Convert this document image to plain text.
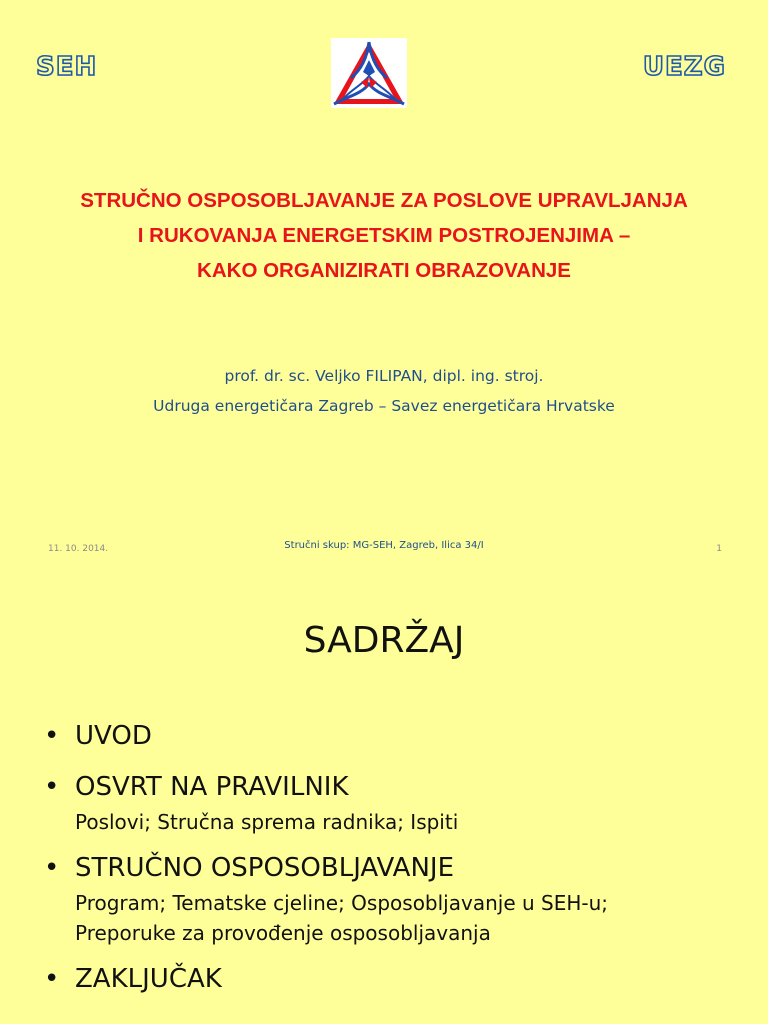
SEH	UEZG
STRUČNO OSPOSOBLJAVANJE ZA POSLOVE UPRAVLJANJA
I RUKOVANJA ENERGETSKIM POSTROJENJIMA –
KAKO ORGANIZIRATI OBRAZOVANJE
prof. dr. sc. Veljko FILIPAN, dipl. ing. stroj.
Udruga energetičara Zagreb – Savez energetičara Hrvatske
11. 10. 2014.	Stručni skup: MG-SEH, Zagreb, Ilica 34/I	1
SADRŽAJ
• UVOD
• OSVRT NA PRAVILNIK
Poslovi; Stručna sprema radnika; Ispiti
• STRUČNO OSPOSOBLJAVANJE
Program; Tematske cjeline; Osposobljavanje u SEH-u;
Preporuke za provođenje osposobljavanja
• ZAKLJUČAK
